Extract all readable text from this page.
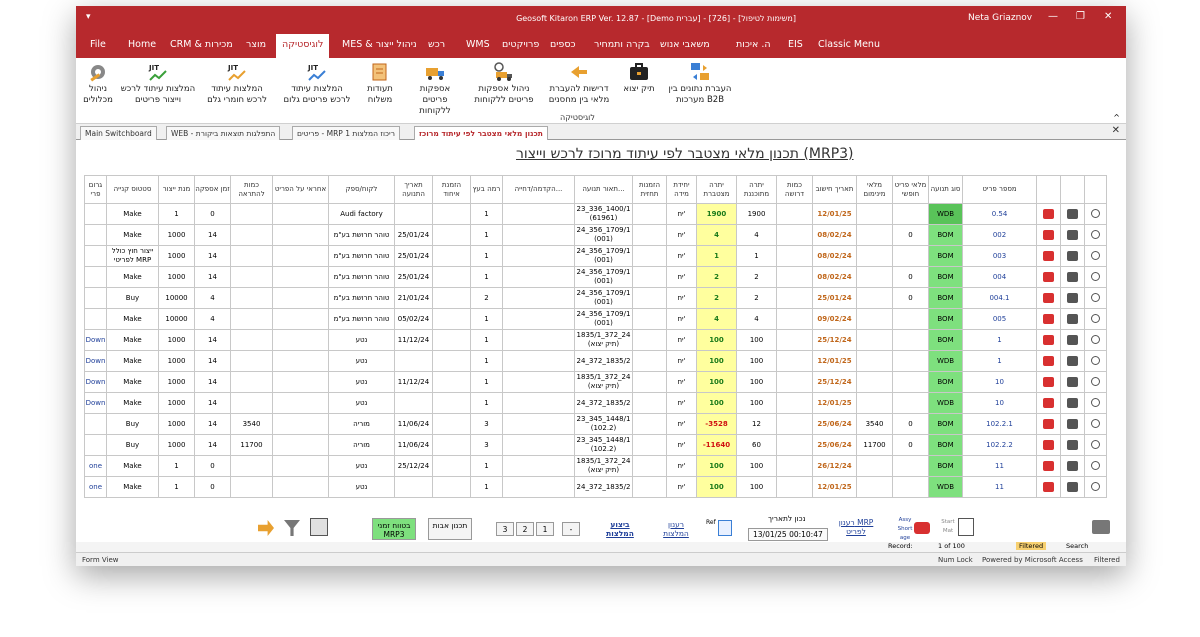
▾	Geosoft Kitaron ERP Ver. 12.87 - [Demo עברית] - [726] - [משימות לטיפול]	Neta Griaznov — ❐ ✕
File Home CRM & מכירות מוצר	לוגיסטיקה	MES & ניהול ייצור רכש WMS פרויקטים כספים בקרה ותמחיר משאבי אנוש	ה. איכות EIS Classic Menu
העברת נתונים בין מערכות B2B
תיק יצוא
דרישות להעברת מלאי בין מחסנים
ניהול אספקות פריטים ללקוחות
אספקות פריטים ללקוחות
תעודות משלוח
JIT
המלצות עיתוד לרכש פריטים גלום
JIT
המלצות עיתוד לרכש חומרי גלם
JIT
המלצות עיתוד לרכש וייצור פריטים
ניהול מכלולים
לוגיסטיקה	^
Main Switchboard	WEB - התפלגות תוצאות ביקורת	פריטים - MRP 1 ריכוז המלצות	תכנון מלאי מצטבר לפי עיתוד מרוכז	✕
תכנון מלאי מצטבר לפי עיתוד מרוכז לרכש וייצור (MRP3)
גרום פרי	סטטוס קנייה	מנת ייצור	זמן אספקה	כמות להתראה	אחראי על הפריט	לקוח/ספק	תאריך התנועה	הזמנת איחוד	רמה בעץ	הקדמה/דחייה...	תאור תנועה...	הזמנות תחזית	יחידת מידה	יתרה מצטברת	יתרה מתוכננת	כמות דרושה	תאריך חישוב	מלאי מינימום	מלאי פריט חופשי	סוג תנועה	מספר פריט			
	Make	1	0			Audi factory			1		23_336_1400/1 (61961)		יח'	1900	1900		12/01/25			WDB	0.54			
	Make	1000	14			טוהר חרושת בע"מ	25/01/24		1		24_356_1709/1 (001)		יח'	4	4		08/02/24		0	BOM	002			
	ייצור חוץ כולל לפריטי MRP	1000	14			טוהר חרושת בע"מ	25/01/24		1		24_356_1709/1 (001)		יח'	1	1		08/02/24			BOM	003			
	Make	1000	14			טוהר חרושת בע"מ	25/01/24		1		24_356_1709/1 (001)		יח'	2	2		08/02/24		0	BOM	004			
	Buy	10000	4			טוהר חרושת בע"מ	21/01/24		2		24_356_1709/1 (001)		יח'	2	2		25/01/24		0	BOM	004.1			
	Make	10000	4			טוהר חרושת בע"מ	05/02/24		1		24_356_1709/1 (001)		יח'	4	4		09/02/24			BOM	005			
Down	Make	1000	14			נטע	11/12/24		1		1835/1_372_24 (תיק יצוא)		יח'	100	100		25/12/24			BOM	1			
Down	Make	1000	14			נטע			1		24_372_1835/2		יח'	100	100		12/01/25			WDB	1			
Down	Make	1000	14			נטע	11/12/24		1		1835/1_372_24 (תיק יצוא)		יח'	100	100		25/12/24			BOM	10			
Down	Make	1000	14			נטע			1		24_372_1835/2		יח'	100	100		12/01/25			WDB	10			
	Buy	1000	14	3540		מוריה	11/06/24		3		23_345_1448/1 (102.2)		יח'	-3528	12		25/06/24	3540	0	BOM	102.2.1			
	Buy	1000	14	11700		מוריה	11/06/24		3		23_345_1448/1 (102.2)		יח'	-11640	60		25/06/24	11700	0	BOM	102.2.2			
one	Make	1	0			נטע	25/12/24		1		1835/1_372_24 (תיק יצוא)		יח'	100	100		26/12/24			BOM	11			
one	Make	1	0			נטע			1		24_372_1835/2		יח'	100	100		12/01/25			WDB	11			
בטווח זמני MRP3
תכנון אבות	3	2	1	-
ביצוע המלצות
רענון המלצות
Ref	נכון לתאריך
13/01/25 00:10:47
רענון MRP לפריט
Assy Short age
Start Mat
Record:	1 of 100	Filtered	Search
Form View	Num Lock Powered by Microsoft Access Filtered
